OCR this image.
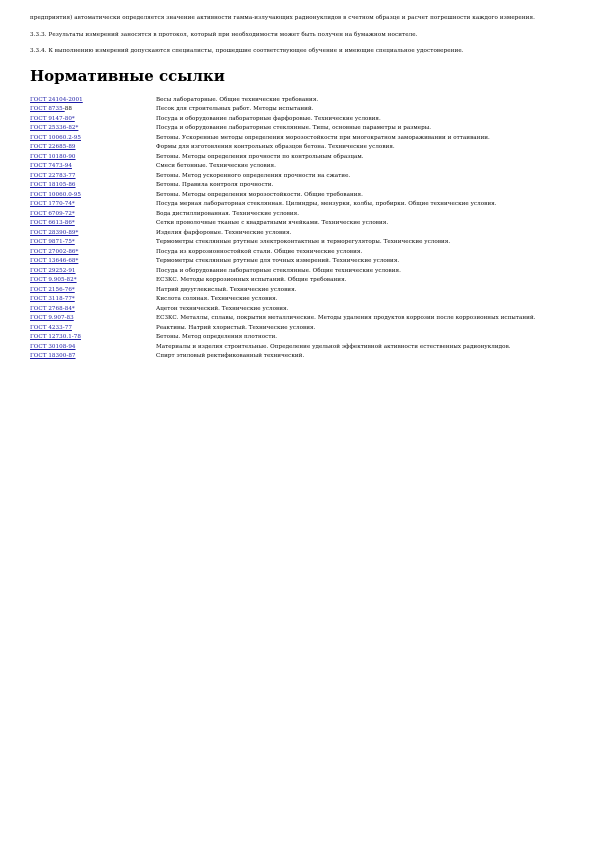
предприятия) автоматически определяется значение активности гамма-излучающих радионуклидов в счетном образце и расчет погрешности каждого измерения.

3.3.3. Результаты измерений заносятся в протокол, который при необходимости может быть получен на бумажном носителе.

3.3.4. К выполнению измерений допускаются специалисты, прошедшие соответствующее обучение и имеющие специальное удостоверение.

Нормативные ссылки
ГОСТ 24104-2001	Весы лабораторные. Общие технические требования.
ГОСТ 8735-88	Песок для строительных работ. Методы испытаний.
ГОСТ 9147-80*	Посуда и оборудование лабораторные фарфоровые. Технические условия.
ГОСТ 25336-82*	Посуда и оборудование лабораторные стеклянные. Типы, основные параметры и размеры.
ГОСТ 10060.2-95	Бетоны. Ускоренные методы определения морозостойкости при многократном замораживании и оттаивании.
ГОСТ 22685-89	Формы для изготовления контрольных образцов бетона. Технические условия.
ГОСТ 10180-90	Бетоны. Методы определения прочности по контрольным образцам.
ГОСТ 7473-94	Смеси бетонные. Технические условия.
ГОСТ 22783-77	Бетоны. Метод ускоренного определения прочности на сжатие.
ГОСТ 18105-86	Бетоны. Правила контроля прочности.
ГОСТ 10060.0-95	Бетоны. Методы определения морозостойкости. Общие требования.
ГОСТ 1770-74*	Посуда мерная лабораторная стеклянная. Цилиндры, мензурки, колбы, пробирки. Общие технические условия.
ГОСТ 6709-72*	Вода дистиллированная. Технические условия.
ГОСТ 6613-86*	Сетки проволочные тканые с квадратными ячейками. Технические условия.
ГОСТ 28390-89*	Изделия фарфоровые. Технические условия.
ГОСТ 9871-75*	Термометры стеклянные ртутные электроконтактные и терморегуляторы. Технические условия.
ГОСТ 27002-86*	Посуда из коррозионностойкой стали. Общие технические условия.
ГОСТ 13646-68*	Термометры стеклянные ртутные для точных измерений. Технические условия.
ГОСТ 29252-91	Посуда и оборудование лабораторные стеклянные. Общие технические условия.
ГОСТ 9.905-82*	ЕСЗКС. Методы коррозионных испытаний. Общие требования.
ГОСТ 2156-76*	Натрий двууглекислый. Технические условия.
ГОСТ 3118-77*	Кислота соляная. Технические условия.
ГОСТ 2768-84*	Ацетон технический. Технические условия.
ГОСТ 9.907-83	ЕСЗКС. Металлы, сплавы, покрытия металлические. Методы удаления продуктов коррозии после коррозионных испытаний.
ГОСТ 4233-77	Реактивы. Натрий хлористый. Технические условия.
ГОСТ 12730.1-78	Бетоны. Метод определения плотности.
ГОСТ 30108-94	Материалы и изделия строительные. Определение удельной эффективной активности естественных радионуклидов.
ГОСТ 18300-87	Спирт этиловый ректификованный технический.
